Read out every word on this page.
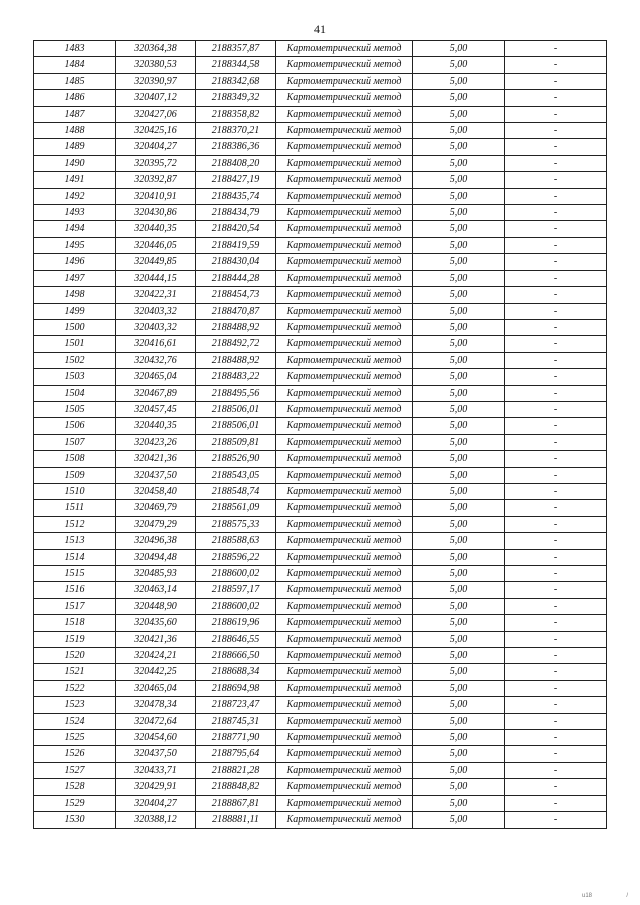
41
1483	320364,38	2188357,87	Картометрический метод	5,00	-
1484	320380,53	2188344,58	Картометрический метод	5,00	-
1485	320390,97	2188342,68	Картометрический метод	5,00	-
1486	320407,12	2188349,32	Картометрический метод	5,00	-
1487	320427,06	2188358,82	Картометрический метод	5,00	-
1488	320425,16	2188370,21	Картометрический метод	5,00	-
1489	320404,27	2188386,36	Картометрический метод	5,00	-
1490	320395,72	2188408,20	Картометрический метод	5,00	-
1491	320392,87	2188427,19	Картометрический метод	5,00	-
1492	320410,91	2188435,74	Картометрический метод	5,00	-
1493	320430,86	2188434,79	Картометрический метод	5,00	-
1494	320440,35	2188420,54	Картометрический метод	5,00	-
1495	320446,05	2188419,59	Картометрический метод	5,00	-
1496	320449,85	2188430,04	Картометрический метод	5,00	-
1497	320444,15	2188444,28	Картометрический метод	5,00	-
1498	320422,31	2188454,73	Картометрический метод	5,00	-
1499	320403,32	2188470,87	Картометрический метод	5,00	-
1500	320403,32	2188488,92	Картометрический метод	5,00	-
1501	320416,61	2188492,72	Картометрический метод	5,00	-
1502	320432,76	2188488,92	Картометрический метод	5,00	-
1503	320465,04	2188483,22	Картометрический метод	5,00	-
1504	320467,89	2188495,56	Картометрический метод	5,00	-
1505	320457,45	2188506,01	Картометрический метод	5,00	-
1506	320440,35	2188506,01	Картометрический метод	5,00	-
1507	320423,26	2188509,81	Картометрический метод	5,00	-
1508	320421,36	2188526,90	Картометрический метод	5,00	-
1509	320437,50	2188543,05	Картометрический метод	5,00	-
1510	320458,40	2188548,74	Картометрический метод	5,00	-
1511	320469,79	2188561,09	Картометрический метод	5,00	-
1512	320479,29	2188575,33	Картометрический метод	5,00	-
1513	320496,38	2188588,63	Картометрический метод	5,00	-
1514	320494,48	2188596,22	Картометрический метод	5,00	-
1515	320485,93	2188600,02	Картометрический метод	5,00	-
1516	320463,14	2188597,17	Картометрический метод	5,00	-
1517	320448,90	2188600,02	Картометрический метод	5,00	-
1518	320435,60	2188619,96	Картометрический метод	5,00	-
1519	320421,36	2188646,55	Картометрический метод	5,00	-
1520	320424,21	2188666,50	Картометрический метод	5,00	-
1521	320442,25	2188688,34	Картометрический метод	5,00	-
1522	320465,04	2188694,98	Картометрический метод	5,00	-
1523	320478,34	2188723,47	Картометрический метод	5,00	-
1524	320472,64	2188745,31	Картометрический метод	5,00	-
1525	320454,60	2188771,90	Картометрический метод	5,00	-
1526	320437,50	2188795,64	Картометрический метод	5,00	-
1527	320433,71	2188821,28	Картометрический метод	5,00	-
1528	320429,91	2188848,82	Картометрический метод	5,00	-
1529	320404,27	2188867,81	Картометрический метод	5,00	-
1530	320388,12	2188881,11	Картометрический метод	5,00	-
u18	/
